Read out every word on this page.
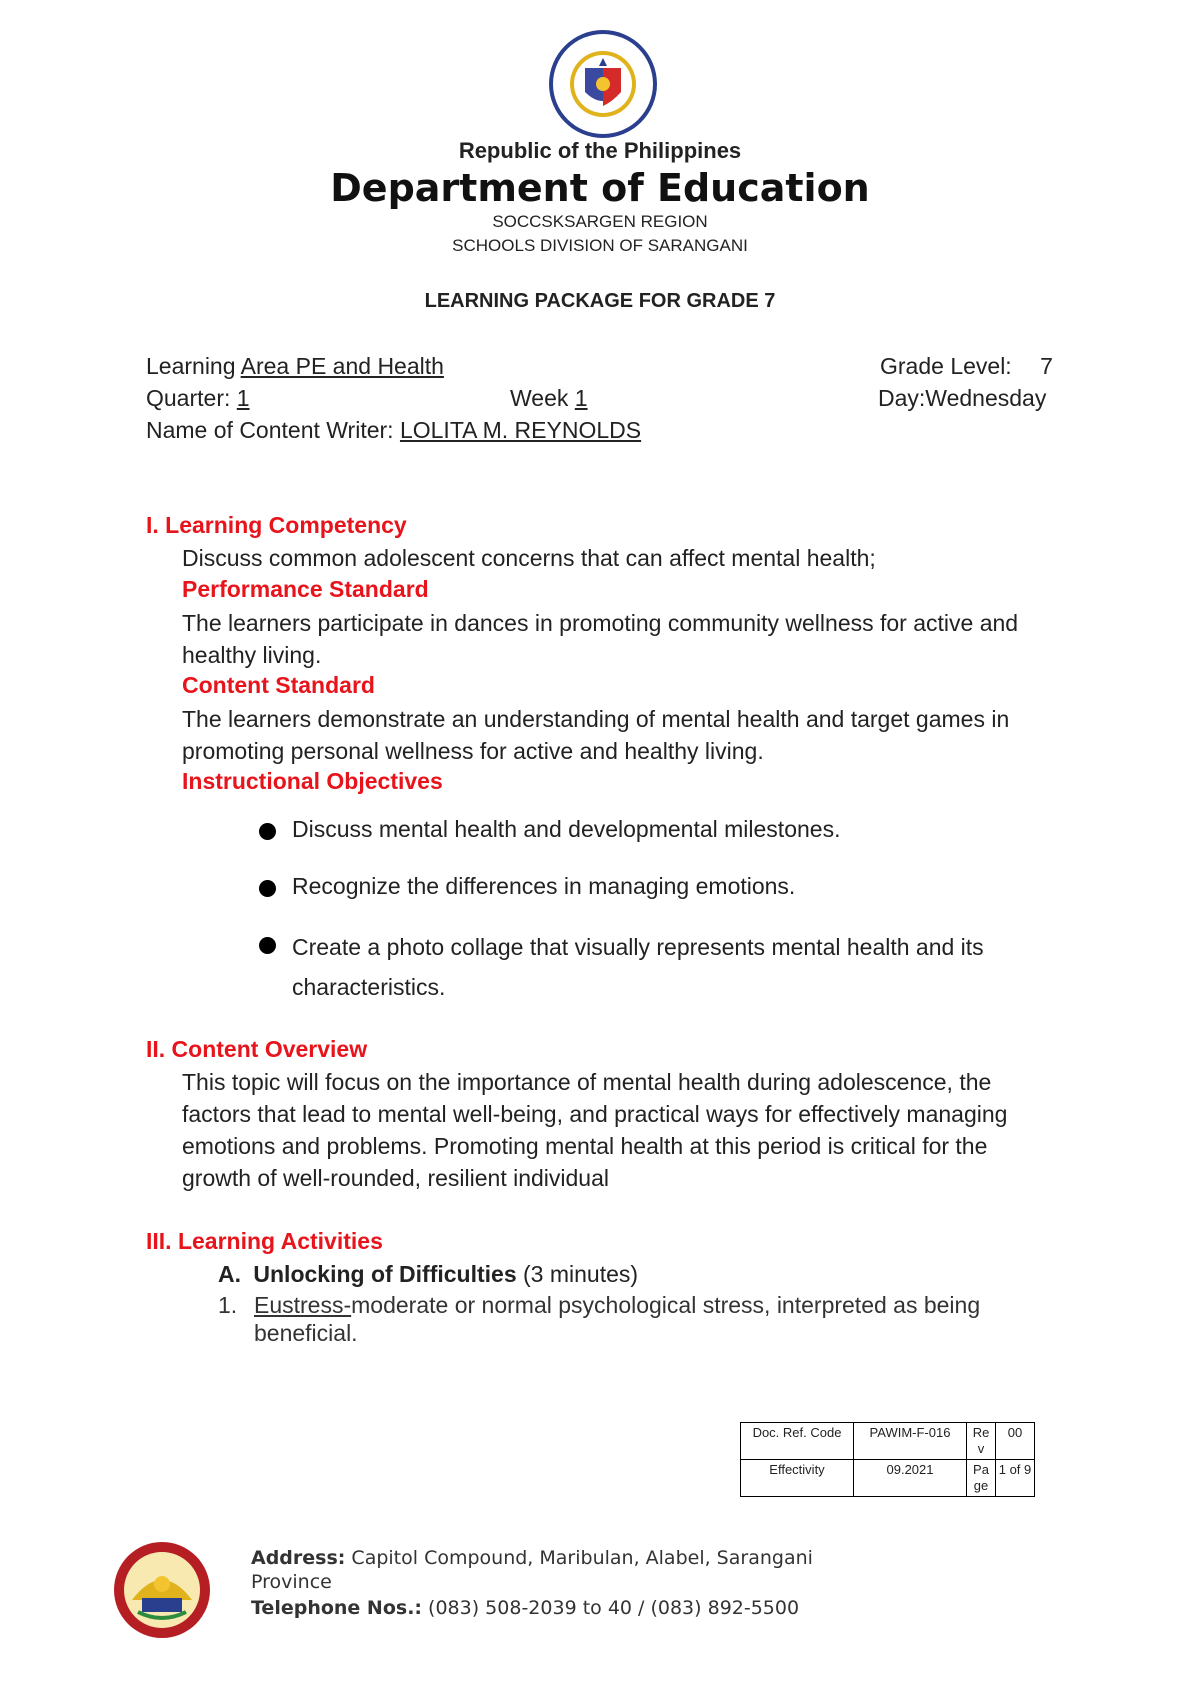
Republic of the Philippines
Department of Education
SOCCSKSARGEN REGION
SCHOOLS DIVISION OF SARANGANI
LEARNING PACKAGE FOR GRADE 7
Learning Area PE and Health	Grade Level: 7
Quarter: 1	Week 1	Day:Wednesday
Name of Content Writer: LOLITA M. REYNOLDS
I. Learning Competency
Discuss common adolescent concerns that can affect mental health;
Performance Standard
The learners participate in dances in promoting community wellness for active and healthy living.
Content Standard
The learners demonstrate an understanding of mental health and target games in promoting personal wellness for active and healthy living.
Instructional Objectives
Discuss mental health and developmental milestones.
Recognize the differences in managing emotions.
Create a photo collage that visually represents mental health and its characteristics.
II. Content Overview
This topic will focus on the importance of mental health during adolescence, the factors that lead to mental well-being, and practical ways for effectively managing emotions and problems. Promoting mental health at this period is critical for the growth of well-rounded, resilient individual
III. Learning Activities
A. Unlocking of Difficulties (3 minutes)
1. Eustress-moderate or normal psychological stress, interpreted as being beneficial.
Doc. Ref. Code	PAWIM-F-016	Re v	00
Effectivity	09.2021	Pa ge	1 of 9
Address: Capitol Compound, Maribulan, Alabel, Sarangani Province
Telephone Nos.: (083) 508-2039 to 40 / (083) 892-5500
